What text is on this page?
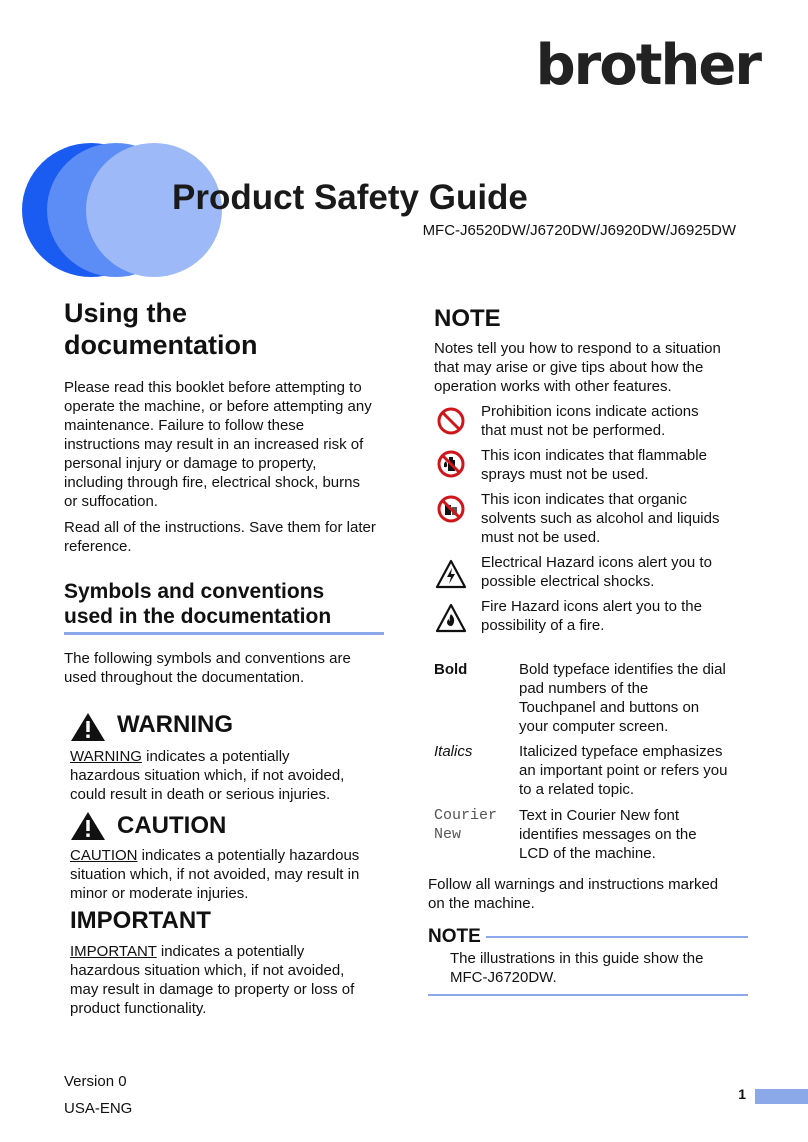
brother
Product Safety Guide
MFC-J6520DW/J6720DW/J6920DW/J6925DW
Using the
documentation
Please read this booklet before attempting to
operate the machine, or before attempting any
maintenance. Failure to follow these
instructions may result in an increased risk of
personal injury or damage to property,
including through fire, electrical shock, burns
or suffocation.
Read all of the instructions. Save them for later
reference.
Symbols and conventions
used in the documentation
The following symbols and conventions are
used throughout the documentation.
WARNING
WARNING indicates a potentially
hazardous situation which, if not avoided,
could result in death or serious injuries.
CAUTION
CAUTION indicates a potentially hazardous
situation which, if not avoided, may result in
minor or moderate injuries.
IMPORTANT
IMPORTANT indicates a potentially
hazardous situation which, if not avoided,
may result in damage to property or loss of
product functionality.
Version 0
USA-ENG
NOTE
Notes tell you how to respond to a situation
that may arise or give tips about how the
operation works with other features.
Prohibition icons indicate actions
that must not be performed.
This icon indicates that flammable
sprays must not be used.
This icon indicates that organic
solvents such as alcohol and liquids
must not be used.
Electrical Hazard icons alert you to
possible electrical shocks.
Fire Hazard icons alert you to the
possibility of a fire.
Bold	Bold typeface identifies the dial
pad numbers of the
Touchpanel and buttons on
your computer screen.
Italics	Italicized typeface emphasizes
an important point or refers you
to a related topic.
Courier
New
Text in Courier New font
identifies messages on the
LCD of the machine.
Follow all warnings and instructions marked
on the machine.
NOTE
The illustrations in this guide show the
MFC-J6720DW.
1
